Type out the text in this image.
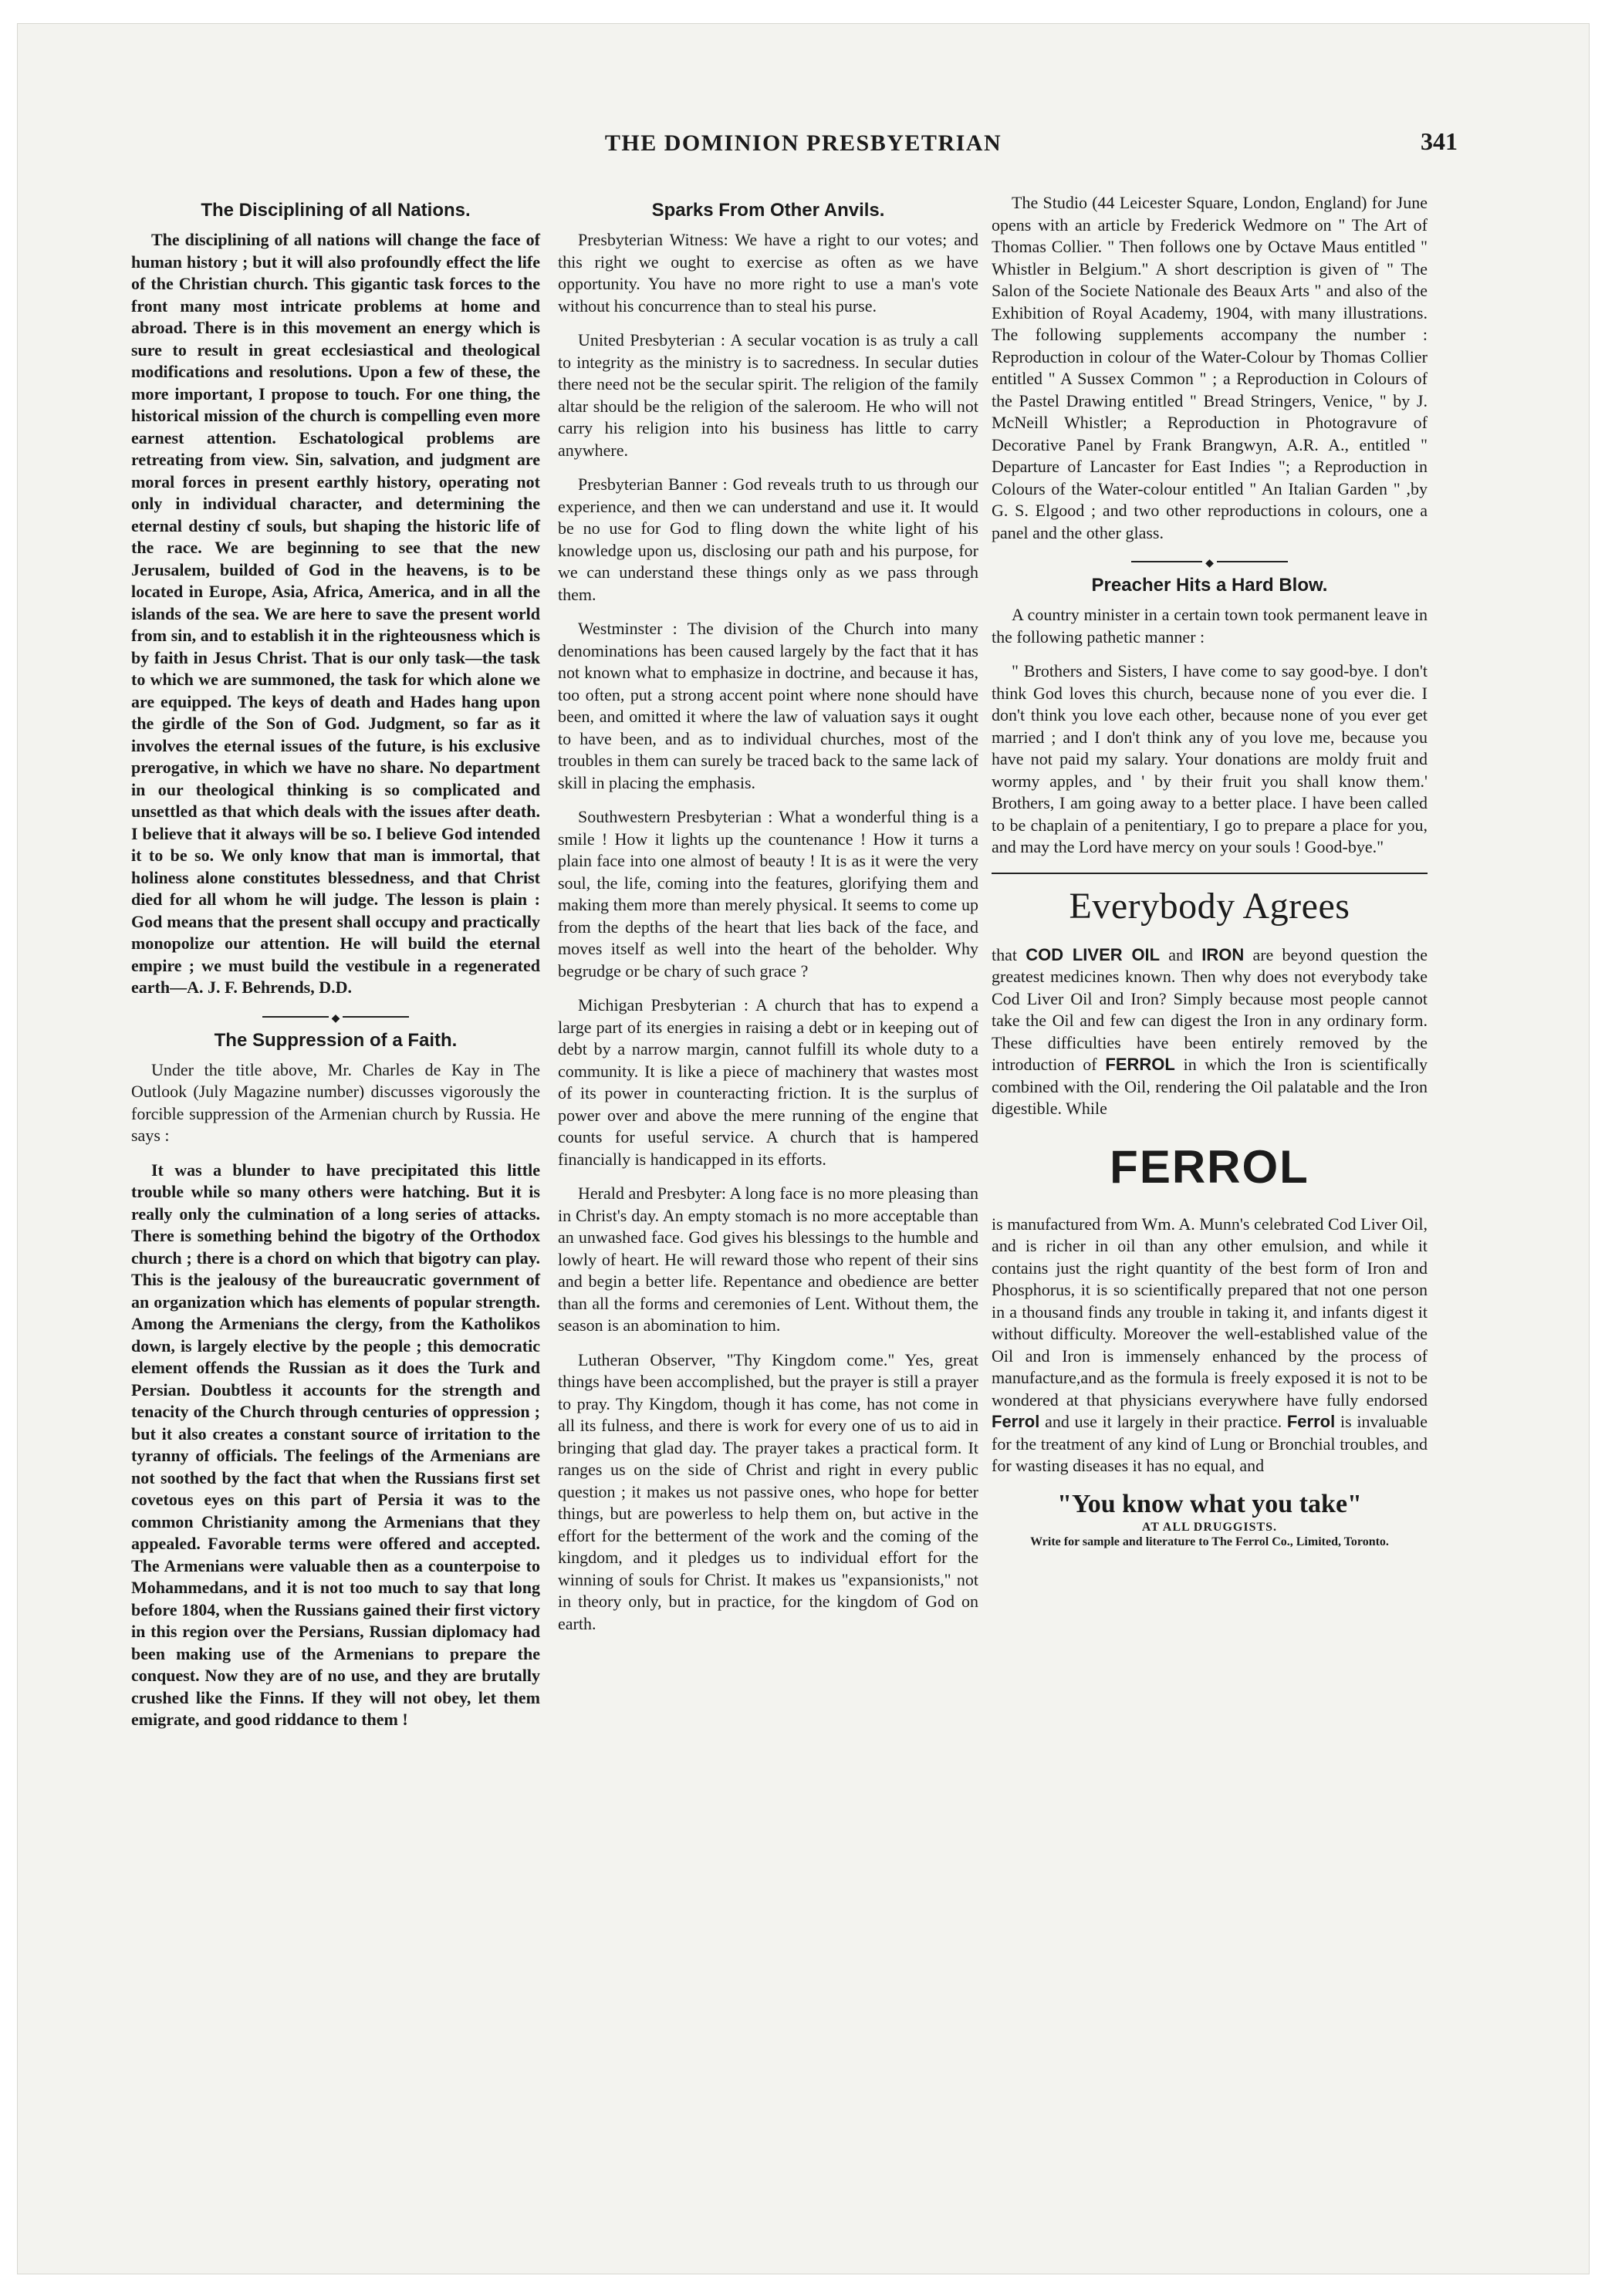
THE DOMINION PRESBYETRIAN	341
The Disciplining of all Nations.

The disciplining of all nations will change the face of human history ; but it will also profoundly effect the life of the Christian church. This gigantic task forces to the front many most intricate problems at home and abroad. There is in this movement an energy which is sure to result in great ecclesiastical and theological modifications and resolutions. Upon a few of these, the more important, I propose to touch. For one thing, the historical mission of the church is compelling even more earnest attention. Eschatological problems are retreating from view. Sin, salvation, and judgment are moral forces in present earthly history, operating not only in individual character, and determining the eternal destiny cf souls, but shaping the historic life of the race. We are beginning to see that the new Jerusalem, builded of God in the heavens, is to be located in Europe, Asia, Africa, America, and in all the islands of the sea. We are here to save the present world from sin, and to establish it in the righteousness which is by faith in Jesus Christ. That is our only task—the task to which we are summoned, the task for which alone we are equipped. The keys of death and Hades hang upon the girdle of the Son of God. Judgment, so far as it involves the eternal issues of the future, is his exclusive prerogative, in which we have no share. No department in our theological thinking is so complicated and unsettled as that which deals with the issues after death. I believe that it always will be so. I believe God intended it to be so. We only know that man is immortal, that holiness alone constitutes blessedness, and that Christ died for all whom he will judge. The lesson is plain : God means that the present shall occupy and practically monopolize our attention. He will build the eternal empire ; we must build the vestibule in a regenerated earth—A. J. F. Behrends, D.D.

◆
The Suppression of a Faith.

Under the title above, Mr. Charles de Kay in The Outlook (July Magazine number) discusses vigorously the forcible suppression of the Armenian church by Russia. He says :

It was a blunder to have precipitated this little trouble while so many others were hatching. But it is really only the culmination of a long series of attacks. There is something behind the bigotry of the Orthodox church ; there is a chord on which that bigotry can play. This is the jealousy of the bureaucratic government of an organization which has elements of popular strength. Among the Armenians the clergy, from the Katholikos down, is largely elective by the people ; this democratic element offends the Russian as it does the Turk and Persian. Doubtless it accounts for the strength and tenacity of the Church through centuries of oppression ; but it also creates a constant source of irritation to the tyranny of officials. The feelings of the Armenians are not soothed by the fact that when the Russians first set covetous eyes on this part of Persia it was to the common Christianity among the Armenians that they appealed. Favorable terms were offered and accepted. The Armenians were valuable then as a counterpoise to Mohammedans, and it is not too much to say that long before 1804, when the Russians gained their first victory in this region over the Persians, Russian diplomacy had been making use of the Armenians to prepare the conquest. Now they are of no use, and they are brutally crushed like the Finns. If they will not obey, let them emigrate, and good riddance to them !

Sparks From Other Anvils.

Presbyterian Witness: We have a right to our votes; and this right we ought to exercise as often as we have opportunity. You have no more right to use a man's vote without his concurrence than to steal his purse.

United Presbyterian : A secular vocation is as truly a call to integrity as the ministry is to sacredness. In secular duties there need not be the secular spirit. The religion of the family altar should be the religion of the saleroom. He who will not carry his religion into his business has little to carry anywhere.

Presbyterian Banner : God reveals truth to us through our experience, and then we can understand and use it. It would be no use for God to fling down the white light of his knowledge upon us, disclosing our path and his purpose, for we can understand these things only as we pass through them.

Westminster : The division of the Church into many denominations has been caused largely by the fact that it has not known what to emphasize in doctrine, and because it has, too often, put a strong accent point where none should have been, and omitted it where the law of valuation says it ought to have been, and as to individual churches, most of the troubles in them can surely be traced back to the same lack of skill in placing the emphasis.

Southwestern Presbyterian : What a wonderful thing is a smile ! How it lights up the countenance ! How it turns a plain face into one almost of beauty ! It is as it were the very soul, the life, coming into the features, glorifying them and making them more than merely physical. It seems to come up from the depths of the heart that lies back of the face, and moves itself as well into the heart of the beholder. Why begrudge or be chary of such grace ?

Michigan Presbyterian : A church that has to expend a large part of its energies in raising a debt or in keeping out of debt by a narrow margin, cannot fulfill its whole duty to a community. It is like a piece of machinery that wastes most of its power in counteracting friction. It is the surplus of power over and above the mere running of the engine that counts for useful service. A church that is hampered financially is handicapped in its efforts.

Herald and Presbyter: A long face is no more pleasing than in Christ's day. An empty stomach is no more acceptable than an unwashed face. God gives his blessings to the humble and lowly of heart. He will reward those who repent of their sins and begin a better life. Repentance and obedience are better than all the forms and ceremonies of Lent. Without them, the season is an abomination to him.

Lutheran Observer, "Thy Kingdom come." Yes, great things have been accomplished, but the prayer is still a prayer to pray. Thy Kingdom, though it has come, has not come in all its fulness, and there is work for every one of us to aid in bringing that glad day. The prayer takes a practical form. It ranges us on the side of Christ and right in every public question ; it makes us not passive ones, who hope for better things, but are powerless to help them on, but active in the effort for the betterment of the work and the coming of the kingdom, and it pledges us to individual effort for the winning of souls for Christ. It makes us "expansionists," not in theory only, but in practice, for the kingdom of God on earth.

The Studio (44 Leicester Square, London, England) for June opens with an article by Frederick Wedmore on " The Art of Thomas Collier. " Then follows one by Octave Maus entitled " Whistler in Belgium." A short description is given of " The Salon of the Societe Nationale des Beaux Arts " and also of the Exhibition of Royal Academy, 1904, with many illustrations. The following supplements accompany the number : Reproduction in colour of the Water-Colour by Thomas Collier entitled " A Sussex Common " ; a Reproduction in Colours of the Pastel Drawing entitled " Bread Stringers, Venice, " by J. McNeill Whistler; a Reproduction in Photogravure of Decorative Panel by Frank Brangwyn, A.R. A., entitled " Departure of Lancaster for East Indies "; a Reproduction in Colours of the Water-colour entitled " An Italian Garden " ,by G. S. Elgood ; and two other reproductions in colours, one a panel and the other glass.

◆
Preacher Hits a Hard Blow.

A country minister in a certain town took permanent leave in the following pathetic manner :

" Brothers and Sisters, I have come to say good-bye. I don't think God loves this church, because none of you ever die. I don't think you love each other, because none of you ever get married ; and I don't think any of you love me, because you have not paid my salary. Your donations are moldy fruit and wormy apples, and ' by their fruit you shall know them.' Brothers, I am going away to a better place. I have been called to be chaplain of a penitentiary, I go to prepare a place for you, and may the Lord have mercy on your souls ! Good-bye."

Everybody Agrees

that COD LIVER OIL and IRON are beyond question the greatest medicines known. Then why does not everybody take Cod Liver Oil and Iron? Simply because most people cannot take the Oil and few can digest the Iron in any ordinary form. These difficulties have been entirely removed by the introduction of FERROL in which the Iron is scientifically combined with the Oil, rendering the Oil palatable and the Iron digestible. While

FERROL

is manufactured from Wm. A. Munn's celebrated Cod Liver Oil, and is richer in oil than any other emulsion, and while it contains just the right quantity of the best form of Iron and Phosphorus, it is so scientifically prepared that not one person in a thousand finds any trouble in taking it, and infants digest it without difficulty. Moreover the well-established value of the Oil and Iron is immensely enhanced by the process of manufacture,and as the formula is freely exposed it is not to be wondered at that physicians everywhere have fully endorsed Ferrol and use it largely in their practice. Ferrol is invaluable for the treatment of any kind of Lung or Bronchial troubles, and for wasting diseases it has no equal, and

"You know what you take"
AT ALL DRUGGISTS.
Write for sample and literature to The Ferrol Co., Limited, Toronto.
